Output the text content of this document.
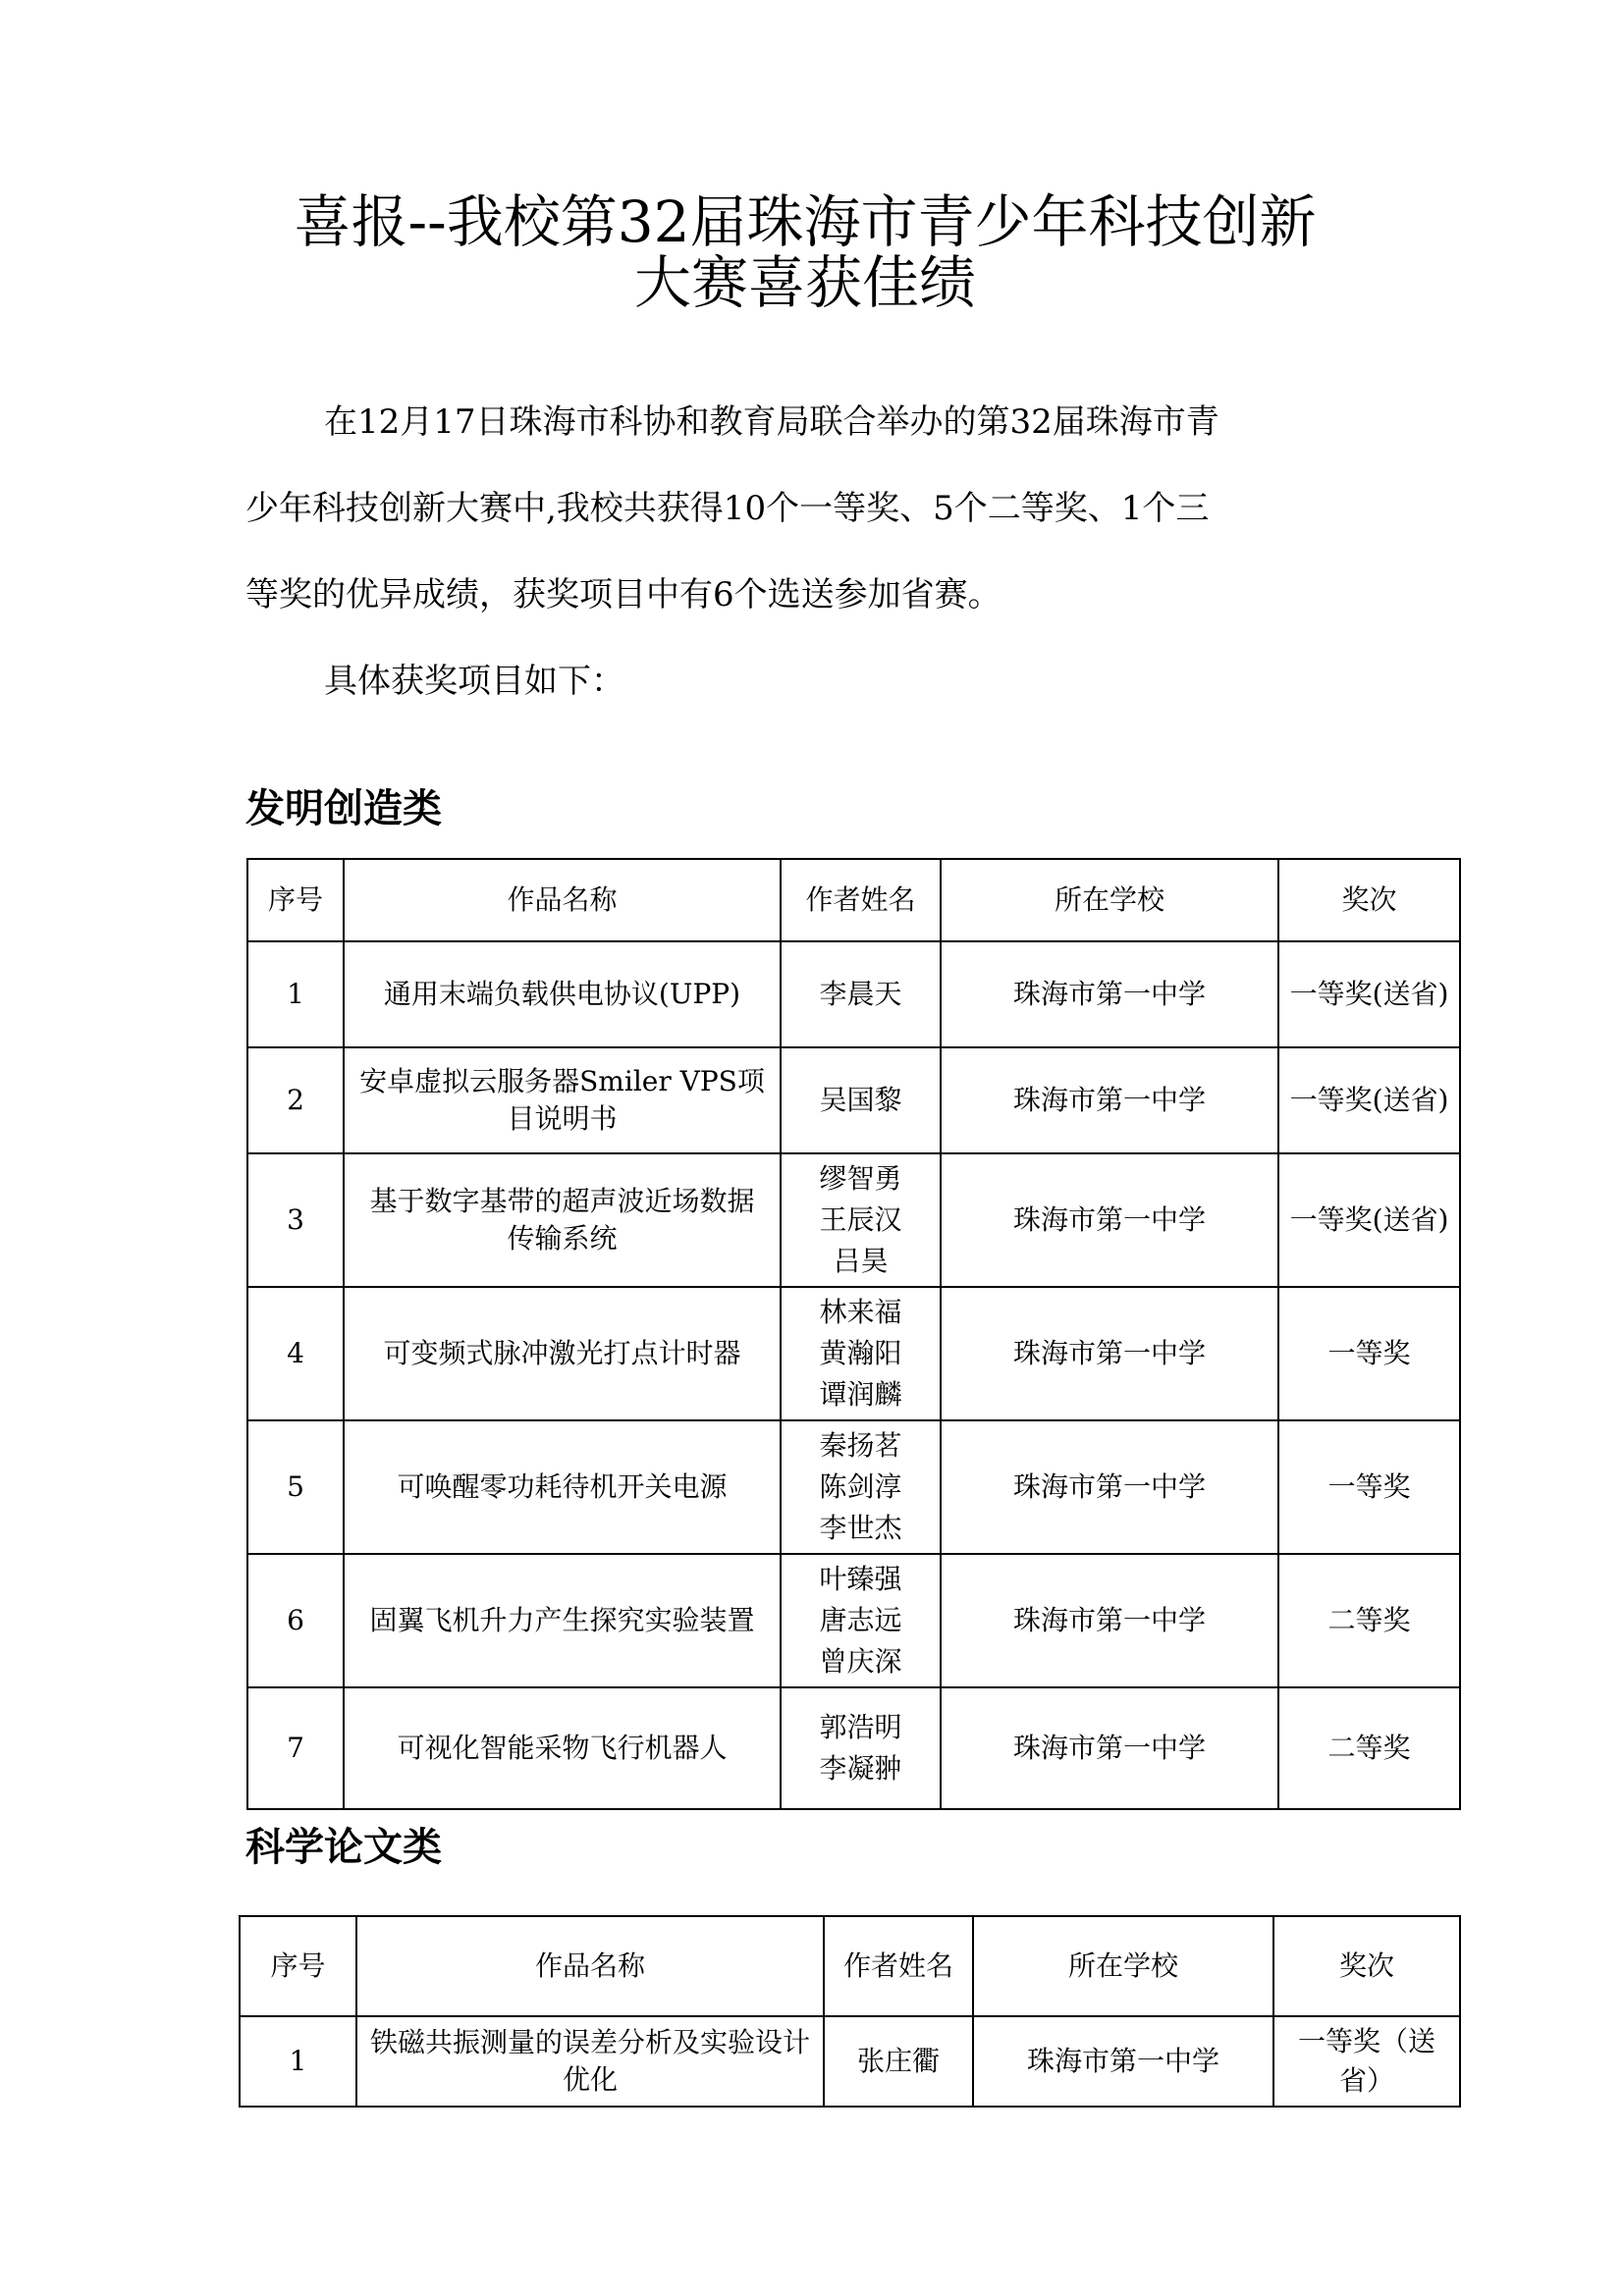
喜报--我校第32届珠海市青少年科技创新
大赛喜获佳绩
在12月17日珠海市科协和教育局联合举办的第32届珠海市青
少年科技创新大赛中,我校共获得10个一等奖、5个二等奖、1个三
等奖的优异成绩，获奖项目中有6个选送参加省赛。
具体获奖项目如下：
发明创造类
序号	作品名称	作者姓名	所在学校	奖次
1	通用末端负载供电协议(UPP)	李晨天	珠海市第一中学	一等奖(送省)
2	安卓虚拟云服务器Smiler VPS项
目说明书	吴国黎	珠海市第一中学	一等奖(送省)
3	基于数字基带的超声波近场数据
传输系统	缪智勇
王辰汉
吕昊	珠海市第一中学	一等奖(送省)
4	可变频式脉冲激光打点计时器	林来福
黄瀚阳
谭润麟	珠海市第一中学	一等奖
5	可唤醒零功耗待机开关电源	秦扬茗
陈剑淳
李世杰	珠海市第一中学	一等奖
6	固翼飞机升力产生探究实验装置	叶臻强
唐志远
曾庆深	珠海市第一中学	二等奖
7	可视化智能采物飞行机器人	郭浩明
李凝翀	珠海市第一中学	二等奖
科学论文类
序号	作品名称	作者姓名	所在学校	奖次
1	铁磁共振测量的误差分析及实验设计
优化	张庄衢	珠海市第一中学	一等奖（送省）
